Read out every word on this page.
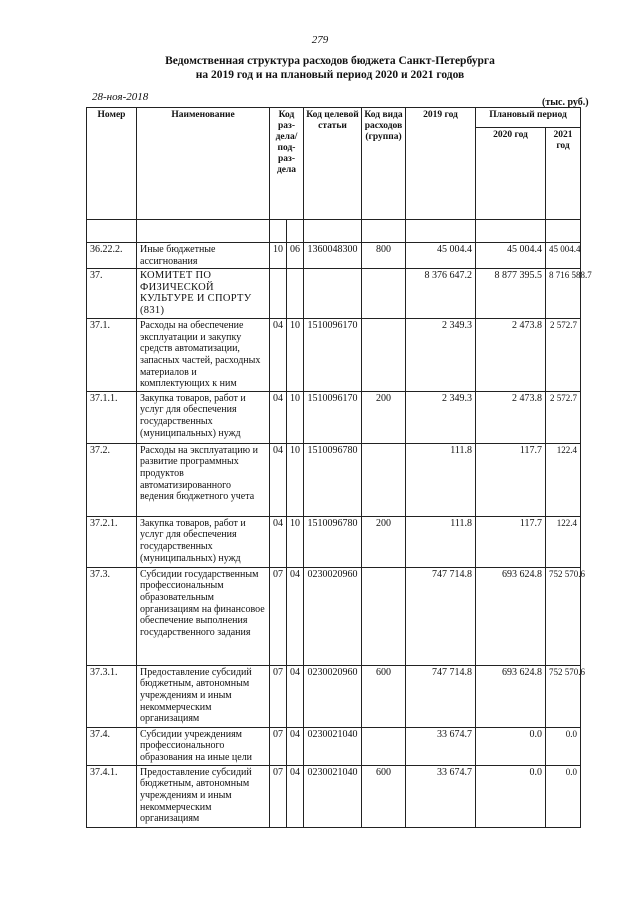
279
Ведомственная структура расходов бюджета Санкт-Петербурга
на 2019 год и на плановый период 2020 и 2021 годов
28-ноя-2018	(тыс. руб.)
Номер	Наименование	Код раз-дела/ под-раз-дела		Код целевой статьи	Код вида расходов (группа)	2019 год	Плановый период	
							2020 год	2021 год

36.22.2.	Иные бюджетные ассигнования	10	06	1360048300	800	45 004.4	45 004.4	45 004.4
37.	КОМИТЕТ ПО ФИЗИЧЕСКОЙ КУЛЬТУРЕ И СПОРТУ (831)					8 376 647.2	8 877 395.5	8 716 588.7
37.1.	Расходы на обеспечение эксплуатации и закупку средств автоматизации, запасных частей, расходных материалов и комплектующих к ним	04	10	1510096170		2 349.3	2 473.8	2 572.7
37.1.1.	Закупка товаров, работ и услуг для обеспечения государственных (муниципальных) нужд	04	10	1510096170	200	2 349.3	2 473.8	2 572.7
37.2.	Расходы на эксплуатацию и развитие программных продуктов автоматизированного ведения бюджетного учета	04	10	1510096780		111.8	117.7	122.4
37.2.1.	Закупка товаров, работ и услуг для обеспечения государственных (муниципальных) нужд	04	10	1510096780	200	111.8	117.7	122.4
37.3.	Субсидии государственным профессиональным образовательным организациям на финансовое обеспечение выполнения государственного задания	07	04	0230020960		747 714.8	693 624.8	752 570.6
37.3.1.	Предоставление субсидий бюджетным, автономным учреждениям и иным некоммерческим организациям	07	04	0230020960	600	747 714.8	693 624.8	752 570.6
37.4.	Субсидии учреждениям профессионального образования на иные цели	07	04	0230021040		33 674.7	0.0	0.0
37.4.1.	Предоставление субсидий бюджетным, автономным учреждениям и иным некоммерческим организациям	07	04	0230021040	600	33 674.7	0.0	0.0
